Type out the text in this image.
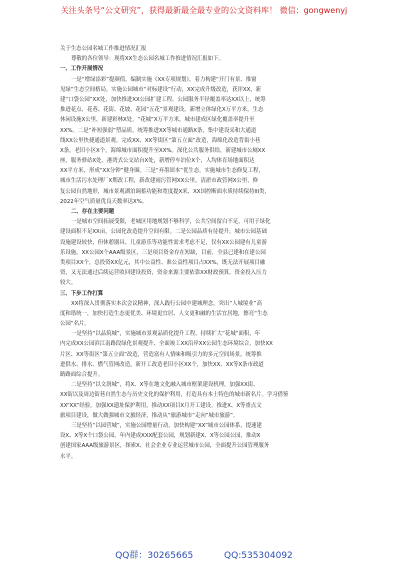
关注头条号“公文研究”，获得最新最全最专业的公文资料库！ 微信：gongwenyj
关于生态公园名城工作推进情况汇报
尊敬的各位领导：现将XX生态公园名城工作推进情况汇报如下。
一、工作开展情况
一是“增绿添彩”提颜值。编制实施《XX专项规划》，着力构建“开门有景、推窗
见绿”生态空间格局。实施公园城市“对标建设”行动，XX完成升级改造，获评XX，新
建“口袋公园”XX处，加快推进XX公园扩建工程。公园服务半径覆盖率达XX以上，统筹
推进花点、花巷、花街、花坡、花园“五花”景观建设，新增立体绿化X万平方米，生态
休闲设施X公里，新建彩林X处。“花城”X万平方米，城市建成区绿化覆盖率提升至
XX%。二是“补短强弱”塑品质。统筹推进XX等城市通路X条，集中建设采和大通道
线XX公里快捷通道景观。完成XX、XX等街区“第五立面”改造，海绵化改造背街小巷
X条，老旧小区X个，海绵城市面积提升至XX%。深化公共服务供给，新建城市公厕XX
座，服务驿站X处，港湾式公交站台X处，新增停车泊位X个，人均体育场地面积达
XX平方米，形成“XX分钟”健身圈。三是“弃墨固本”优生态。实施城市生态修复工程，
城市生活污水处理厂X期改工程，新改建雨污管网XX公里，清淤市政管网X公里，修
复公园自然地形，城市景观湖泊调蓄功能和宽度提X米，XX国控断面水质持续保持III类，
2022年空气质量优良天数率达X%。
二、存在主要问题
一是城市空间拓展受限，老城区用地规划不够科学，公共空间留白不足，可用于绿化
建设面积不足XX亩，公园化改造提升空间有限。二是公园品质有待提升。城市公园基础
设施建设较快，但休憩器具、儿童游乐等功能性需求考虑不足，仅有XX公园建有儿童游
乐设施，XX公园X个AAA级景区，三是项目资金存在短缺，目前，全县已建和在建公园
类项目XX个，总投资XX亿元，其中公益性、准公益性项目占XX%，既无法开展项目融
资，又无法通过后续运营收回建设投资，资金来源主要依靠XX财政预算，资金投入压力
较大。
三、下步工作打算
XX将深入贯彻落实本次会议精神，深入践行公园中建城理念，突出“人城境业”高
度和谐统一，加快打造生态更优美、环境更宜居、人文更和融的生活宜居地，擦亮“生态
公园”名片。
一是坚持“以品筑城”，实施城市景观品质化提升工程，持续扩大“花城”面积，年
内完成XX公园滨江南路段绿化景观提升、全面竣工XX沿岸XX公园生态环境综合，加快XX
片区、XX等街区“第五立面”改造，营造富有人情味和吸引力的多元空间场景，统筹推
进供水、排水、燃气管网改造，新开工改造老旧小区XX个，加快XX、XX等X条市政道
路路面综合提升。
二是坚持“以文润城”，将X、X等在地文化融入城市框架建设机理，加强XX街、
XX街以及周边街巷自然生态与历史文化的保护利用，打造具有本土特色的城市新名片。学习借鉴
XX“XX”经验，加强XX遗址保护利用，推动XX项目X月开工建设。推进X、X等重点文
旅项目建设，做大做强城市文旅经济，推动从“旅游城市”走向“城市旅游”。
三是坚持“以园营城”，实施公园增量行动，加快构建“XX”城市公园体系，提速建
设X、X等X个口袋公园，年内建成XXX配套公园，规划新建X、X等公园公园，推动X
创建国家AAA级旅游景区，探索X、社会企业专业运营城市公园，全面提升公园管理服务
水平。
QQ群：30265665	QQ:535304092
